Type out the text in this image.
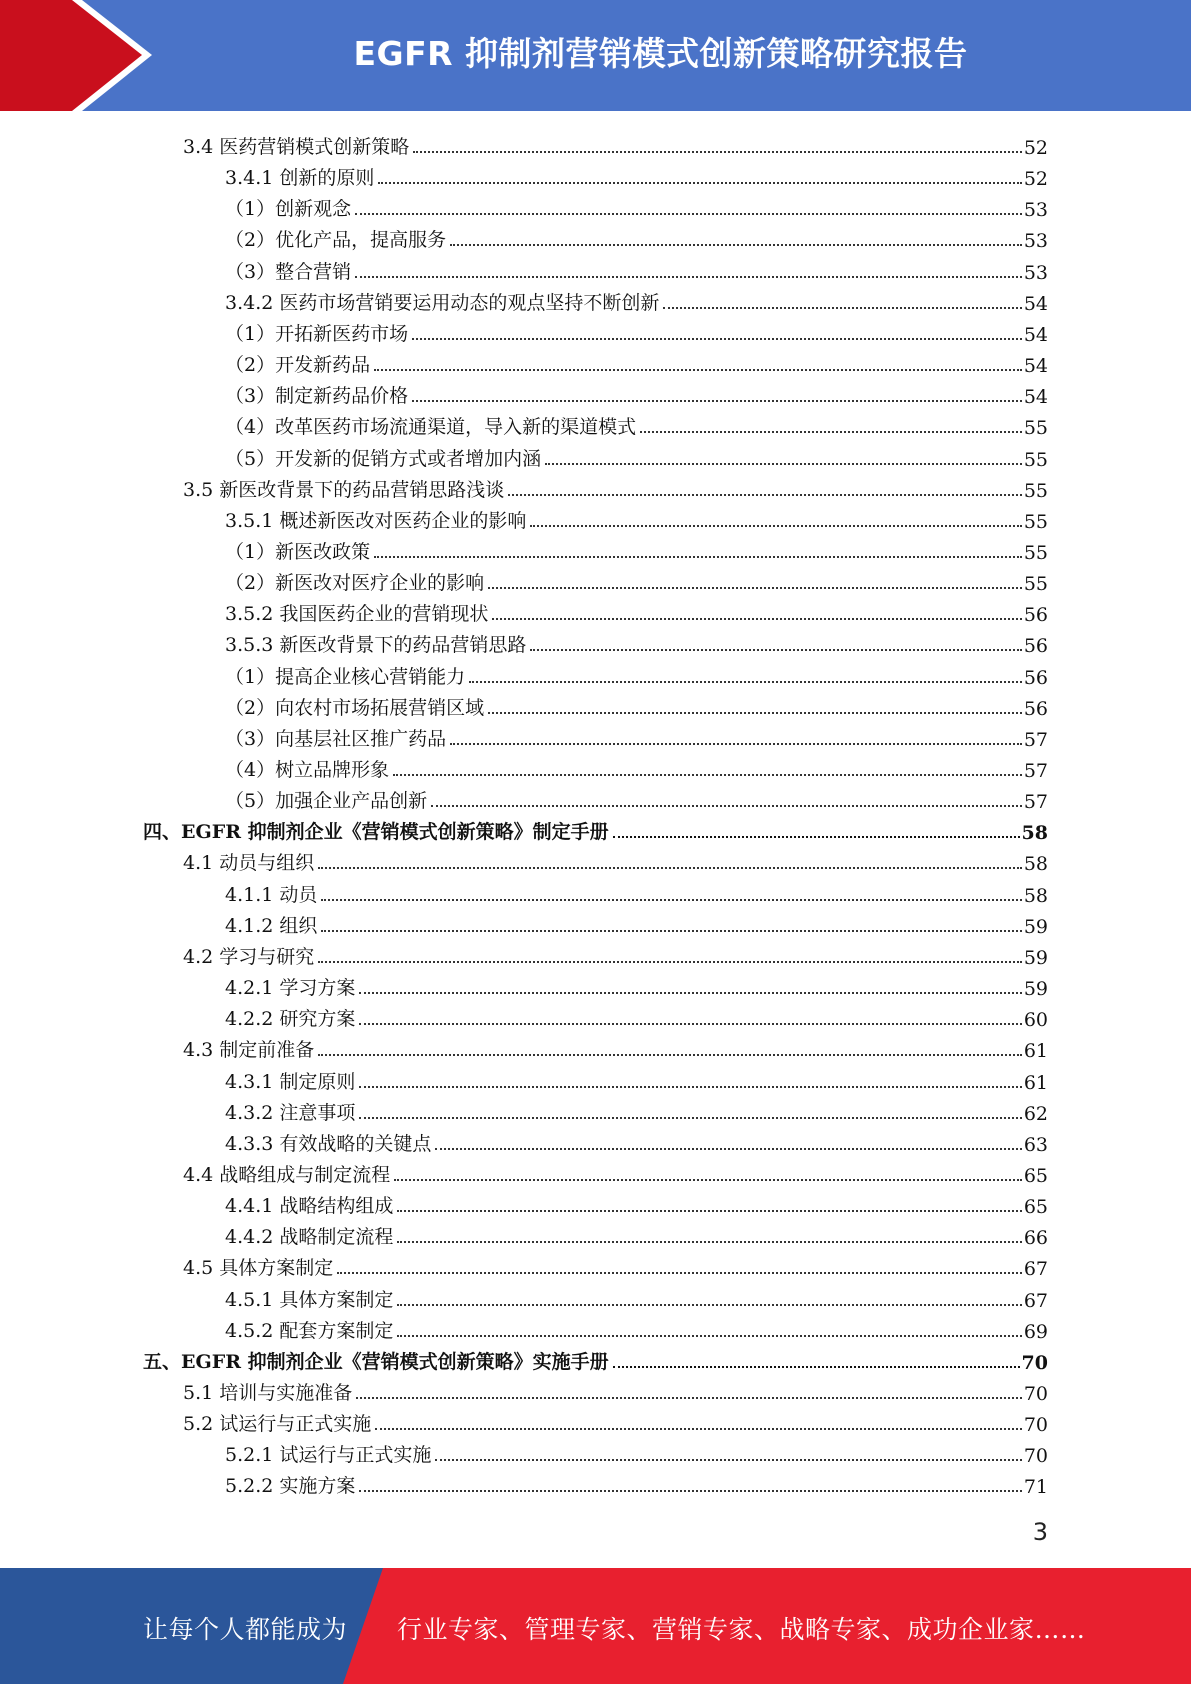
EGFR 抑制剂营销模式创新策略研究报告
3.4 医药营销模式创新策略	52
3.4.1 创新的原则	52
（1）创新观念	53
（2）优化产品，提高服务	53
（3）整合营销	53
3.4.2 医药市场营销要运用动态的观点坚持不断创新	54
（1）开拓新医药市场	54
（2）开发新药品	54
（3）制定新药品价格	54
（4）改革医药市场流通渠道，导入新的渠道模式	55
（5）开发新的促销方式或者增加内涵	55
3.5 新医改背景下的药品营销思路浅谈	55
3.5.1 概述新医改对医药企业的影响	55
（1）新医改政策	55
（2）新医改对医疗企业的影响	55
3.5.2 我国医药企业的营销现状	56
3.5.3 新医改背景下的药品营销思路	56
（1）提高企业核心营销能力	56
（2）向农村市场拓展营销区域	56
（3）向基层社区推广药品	57
（4）树立品牌形象	57
（5）加强企业产品创新	57
四、EGFR 抑制剂企业《营销模式创新策略》制定手册	58
4.1 动员与组织	58
4.1.1 动员	58
4.1.2 组织	59
4.2 学习与研究	59
4.2.1 学习方案	59
4.2.2 研究方案	60
4.3 制定前准备	61
4.3.1 制定原则	61
4.3.2 注意事项	62
4.3.3 有效战略的关键点	63
4.4 战略组成与制定流程	65
4.4.1 战略结构组成	65
4.4.2 战略制定流程	66
4.5 具体方案制定	67
4.5.1 具体方案制定	67
4.5.2 配套方案制定	69
五、EGFR 抑制剂企业《营销模式创新策略》实施手册	70
5.1 培训与实施准备	70
5.2 试运行与正式实施	70
5.2.1 试运行与正式实施	70
5.2.2 实施方案	71
3
让每个人都能成为 行业专家、管理专家、营销专家、战略专家、成功企业家……
